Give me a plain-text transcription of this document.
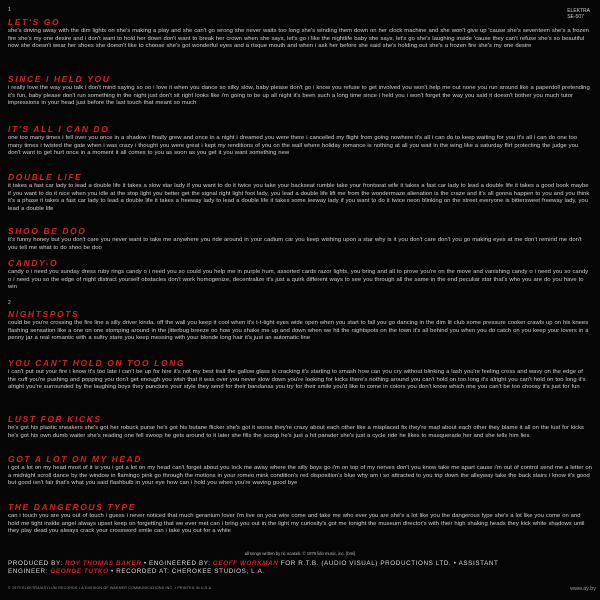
1	ELEKTRA
SE-507
LET'S GO

she's driving away with the dim lights on she's making a play and she can't go wrong she never waits too long she's winding them down on her clock machine and she won't give up 'cause she's seventeen she's a frozen fire she's my one desire and i don't want to hold her down don't want to break her crown when she says, let's go i like the nightlife baby she says, let's go she's laughing inside 'cause they can't refuse she's so beautiful now she doesn't wear her shoes she doesn't like to choose she's got wonderful eyes and a risque mouth and when i ask her before she said she's holding out she's a frozen fire she's my one desire

SINCE I HELD YOU

i really love the way you talk i don't mind saying so oo i love it when you dance so silky slow, baby please don't go i know you refuse to get involved you won't help me out none you run around like a paperdoll pretending it's fun, baby please don't run something in the night just don't sit right looks like i'm going to be up all night it's been such a long time since i held you i won't forget the way you said it doesn't bother you much tutor impressions in your head just before the last touch that meant so much

IT'S ALL I CAN DO

one too many times i fell over you once in a shadow i finally grew and once in a night i dreamed you were there i cancelled my flight from going nowhere it's all i can do to keep waiting for you it's all i can do one too many times i twisted the gate when i was crazy i thought you were great i kept my renditions of you on the wall where holiday romance is nothing at all you wait in the wing like a saturday flirt protecting the judge you don't want to get hurt once in a moment it all comes to you as soon as you get it you want something new

DOUBLE LIFE

it takes a fast car lady to lead a double life it takes a slow star lady if you want to do it twice you take your backseat rumble take your frontseat wife it takes a fast car lady to lead a double life it takes a good book maybe if you want to do it nice when you idle at the stop light you better get the signal right light foot lady, you lead a double life lift me from the wondermaze alienation is the craze and it's all gonna happen to you and you think it's a phase it takes a fast car lady to lead a double life it takes a freeway lady to lead a double life it takes some leeway lady if you want to do it twice neon blinking on the street everyone is bittersweet freeway lady, you lead a double life

SHOO BE DOO

it's funny honey but you don't care you never want to take me anywhere you ride around in your cadium car you keep wishing upon a star why is it you don't care don't you go making eyes at me don't remind me don't you tell me what to do shoo be doo

CANDY-O

candy o i need you sunday dress ruby rings candy o i need you so could you help me in purple hum, assorted cards razor lights, you bring and all to prove you're on the move and vanishing candy o i need you so candy o i need you so the edge of night distract yourself obstacles don't work homogenize, decentralize it's just a quirk different ways to see you through all the same in the end peculiar star that's who you are do you have to win

2
NIGHTSPOTS

could be you're crossing the fire line a silly driver kinda, off the wall you keep it cool when it's t-t-tight eyes wide open when you start to fall you go dancing in the dim lit club some pressure cooker crawls up on his knees flashing sensation like a one on one stomping around in the jitterbug breeze oo how you shake me up and down when we hit the nightspots on the town it's all behind you when you do catch on you keep your lovers in a penny jar a real romantic with a sultry stare you keep messing with your blonde long hair it's just an automatic line

YOU CAN'T HOLD ON TOO LONG

i can't put out your fire i know it's too late i can't be up for hire it's not my best trait the gallow glass is cracking it's starting to smash how can you cry without blinking a lash you're feeling cross and wavy on the edge of the cuff you're pushing and popping you don't get enough you wish that it was over you never slow down you're looking for kicks there's nothing around you can't hold on too long it's alright you can't hold on too long it's alright you're surrounded by the laughing boys they puncture your style they send for their bandanas you try for their smile you'd like to come in colors you don't know which one you can't be too choosy it's just for fun

LUST FOR KICKS

he's got his plastic sneakers she's got her robuck purse he's got his butane flicker she's got it worse they're crazy about each other like a misplaced fix they're mad about each other they blame it all on the lust for kicks he's got his own dumb waiter she's reading one fell swoop he gets around to it later she fills the scoop he's just a hit parader she's just a cycle ride he likes to masquerade her and she tells him lies

GOT A LOT ON MY HEAD

i got a lot on my head most of it is you i got a lot on my head can't forget about you lock me away where the silly boys go i'm on top of my nerves don't you know take me apart cause i'm out of control send me a letter on a midnight scroll dance by the window in flamingo pink go through the motions in your romeo mink condition's red disposition's blue why am i so attracted to you trip down the alleyway take the back stairs i know it's good but good isn't fair that's what you said flashbulb in your eye how can i hold you when you're waving good bye

THE DANGEROUS TYPE

can i touch you are you out of touch i guess i never noticed that much geranium lover i'm live on your wire come and take me who ever you are she's a lot like you the dangerous type she's a lot like you come on and hold me tight inside angel always upset keep on forgetting that we ever met can i bring you out in the light my curiosity's got me tonight the museum director's with their high shaking heads they kick white shadows until they play dead you always crack your crossword smile can i take you out for a while

all songs written by ric ocasek. © 1979 lido music, inc. (bmi)
PRODUCED BY: ROY THOMAS BAKER • ENGINEERED BY: GEOFF WORKMAN FOR R.T.B. (AUDIO VISUAL) PRODUCTIONS LTD. • ASSISTANT
ENGINEER: GEORGE TUTKO • RECORDED AT: CHEROKEE STUDIOS, L.A.
© 1979 ELEKTRA/ASYLUM RECORDS • A DIVISION OF WARNER COMMUNICATIONS INC. • PRINTED IN U.S.A.	www.ay.by
